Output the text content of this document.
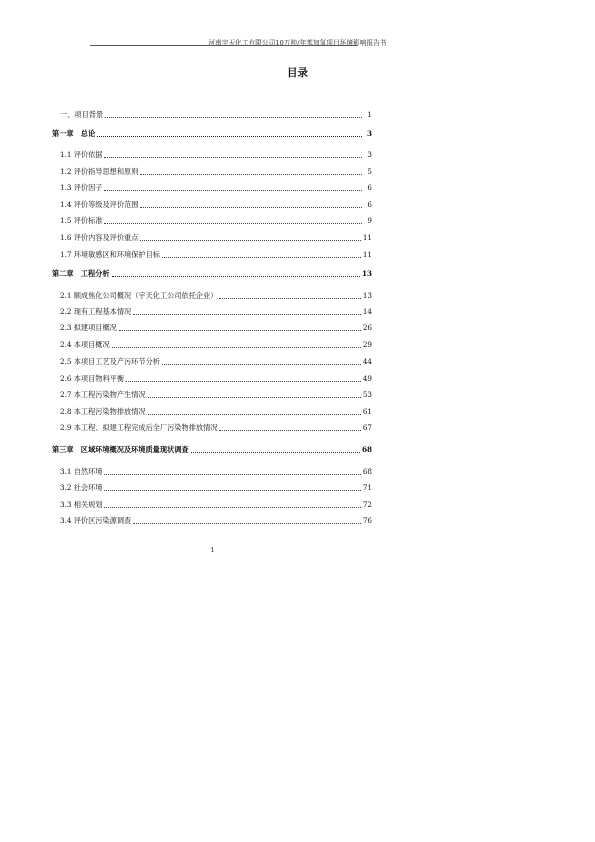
河南宇天化工有限公司10万吨/年苯加氢项目环境影响报告书
目录
一、项目背景	1
第一章　总论	3
1.1 评价依据	3
1.2 评价指导思想和原则	5
1.3 评价因子	6
1.4 评价等级及评价范围	6
1.5 评价标准	9
1.6 评价内容及评价重点	11
1.7 环境敏感区和环境保护目标	11
第二章　工程分析	13
2.1 顺成焦化公司概况（宇天化工公司依托企业）	13
2.2 现有工程基本情况	14
2.3 拟建项目概况	26
2.4 本项目概况	29
2.5 本项目工艺及产污环节分析	44
2.6 本项目物料平衡	49
2.7 本工程污染物产生情况	53
2.8 本工程污染物排放情况	61
2.9 本工程、拟建工程完成后全厂污染物排放情况	67
第三章　区域环境概况及环境质量现状调查	68
3.1 自然环境	68
3.2 社会环境	71
3.3 相关规划	72
3.4 评价区污染源调查	76
1
